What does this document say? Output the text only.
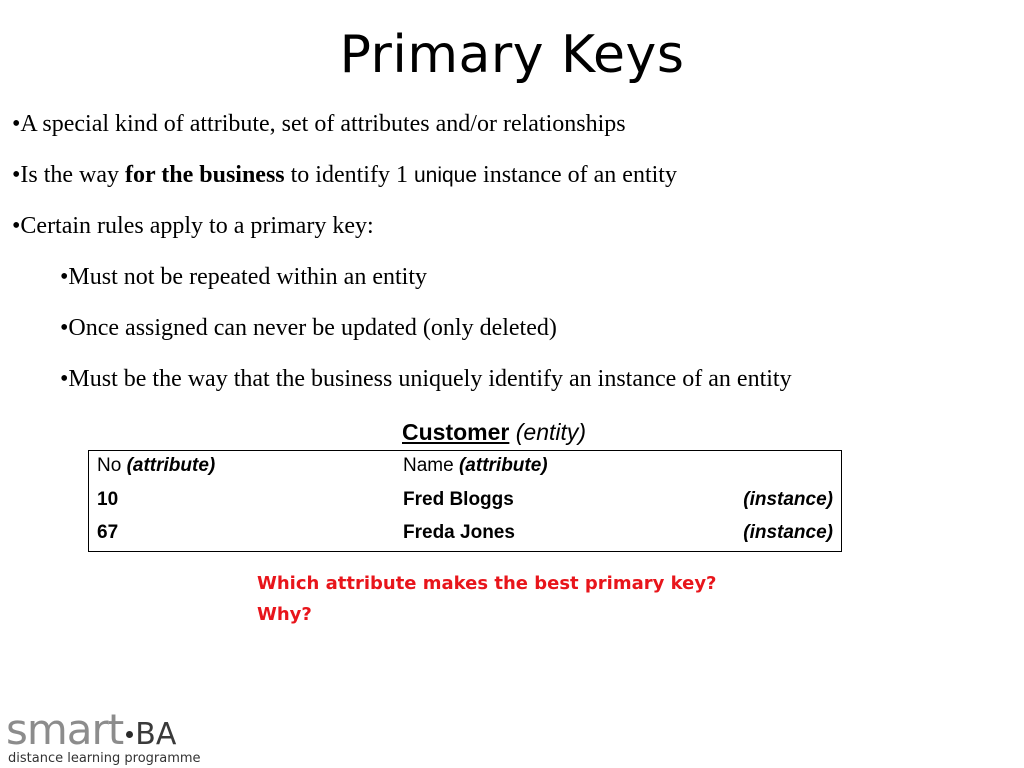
Primary Keys
•A special kind of attribute, set of attributes and/or relationships
•Is the way for the business to identify 1 unique instance of an entity
•Certain rules apply to a primary key:
•Must not be repeated within an entity
•Once assigned can never be updated (only deleted)
•Must be the way that the business uniquely identify an instance of an entity
Customer (entity)
No (attribute)	Name (attribute)
10	Fred Bloggs	(instance)
67	Freda Jones	(instance)
Which attribute makes the best primary key?
Why?
smart BA
distance learning programme
